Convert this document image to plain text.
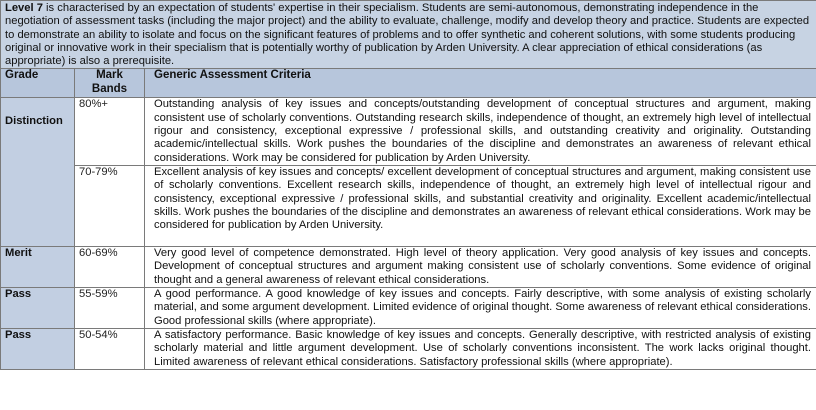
Level 7 is characterised by an expectation of students' expertise in their specialism. Students are semi-autonomous, demonstrating independence in the negotiation of assessment tasks (including the major project) and the ability to evaluate, challenge, modify and develop theory and practice. Students are expected to demonstrate an ability to isolate and focus on the significant features of problems and to offer synthetic and coherent solutions, with some students producing original or innovative work in their specialism that is potentially worthy of publication by Arden University. A clear appreciation of ethical considerations (as appropriate) is also a prerequisite.		
Grade	Mark Bands	Generic Assessment Criteria

Distinction	80%+	Outstanding analysis of key issues and concepts/outstanding development of conceptual structures and argument, making consistent use of scholarly conventions. Outstanding research skills, independence of thought, an extremely high level of intellectual rigour and consistency, exceptional expressive / professional skills, and outstanding creativity and originality. Outstanding academic/intellectual skills. Work pushes the boundaries of the discipline and demonstrates an awareness of relevant ethical considerations. Work may be considered for publication by Arden University.
	70-79%	Excellent analysis of key issues and concepts/ excellent development of conceptual structures and argument, making consistent use of scholarly conventions. Excellent research skills, independence of thought, an extremely high level of intellectual rigour and consistency, exceptional expressive / professional skills, and substantial creativity and originality. Excellent academic/intellectual skills. Work pushes the boundaries of the discipline and demonstrates an awareness of relevant ethical considerations. Work may be considered for publication by Arden University.
Merit	60-69%	Very good level of competence demonstrated. High level of theory application. Very good analysis of key issues and concepts. Development of conceptual structures and argument making consistent use of scholarly conventions. Some evidence of original thought and a general awareness of relevant ethical considerations.
Pass	55-59%	A good performance. A good knowledge of key issues and concepts. Fairly descriptive, with some analysis of existing scholarly material, and some argument development. Limited evidence of original thought. Some awareness of relevant ethical considerations. Good professional skills (where appropriate).
Pass	50-54%	A satisfactory performance. Basic knowledge of key issues and concepts. Generally descriptive, with restricted analysis of existing scholarly material and little argument development. Use of scholarly conventions inconsistent. The work lacks original thought. Limited awareness of relevant ethical considerations. Satisfactory professional skills (where appropriate).
